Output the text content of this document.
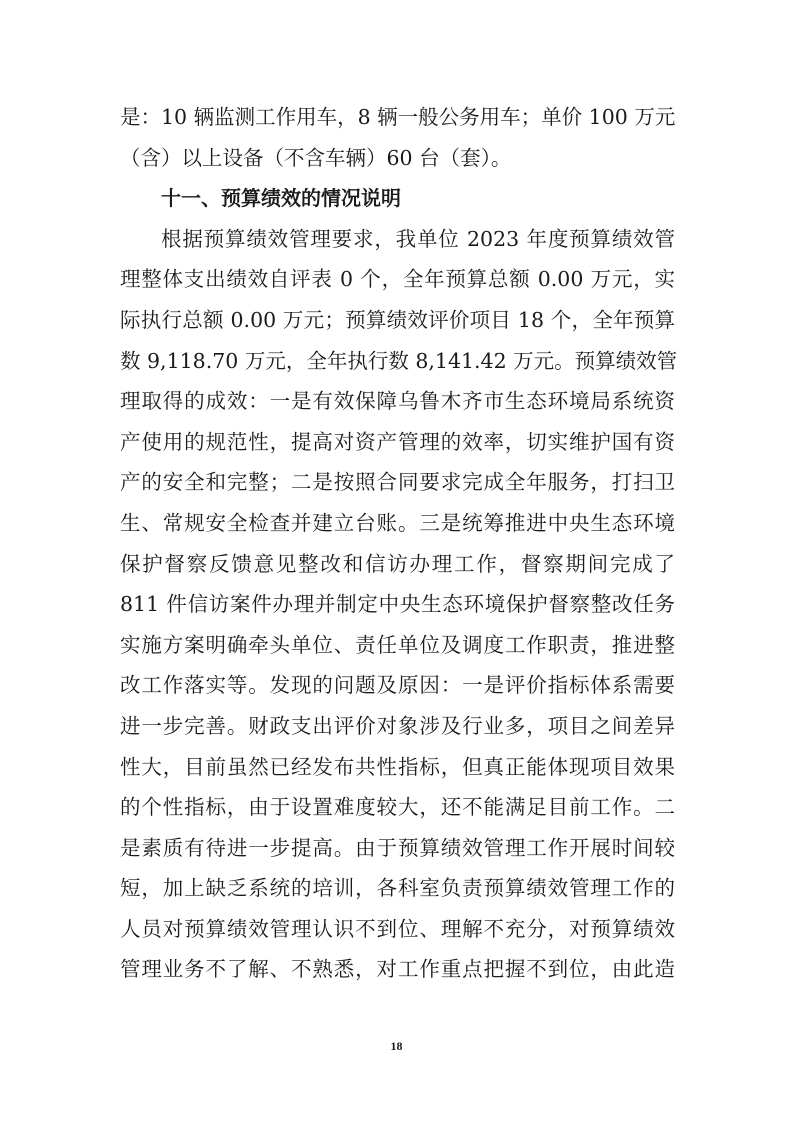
是：10 辆监测工作用车，8 辆一般公务用车；单价 100 万元
（含）以上设备（不含车辆）60 台（套）。
十一、预算绩效的情况说明
根据预算绩效管理要求，我单位 2023 年度预算绩效管
理整体支出绩效自评表 0 个，全年预算总额 0.00 万元，实
际执行总额 0.00 万元；预算绩效评价项目 18 个，全年预算
数 9,118.70 万元，全年执行数 8,141.42 万元。预算绩效管
理取得的成效：一是有效保障乌鲁木齐市生态环境局系统资
产使用的规范性，提高对资产管理的效率，切实维护国有资
产的安全和完整；二是按照合同要求完成全年服务，打扫卫
生、常规安全检查并建立台账。三是统筹推进中央生态环境
保护督察反馈意见整改和信访办理工作，督察期间完成了
811 件信访案件办理并制定中央生态环境保护督察整改任务
实施方案明确牵头单位、责任单位及调度工作职责，推进整
改工作落实等。发现的问题及原因：一是评价指标体系需要
进一步完善。财政支出评价对象涉及行业多，项目之间差异
性大，目前虽然已经发布共性指标，但真正能体现项目效果
的个性指标，由于设置难度较大，还不能满足目前工作。二
是素质有待进一步提高。由于预算绩效管理工作开展时间较
短，加上缺乏系统的培训，各科室负责预算绩效管理工作的
人员对预算绩效管理认识不到位、理解不充分，对预算绩效
管理业务不了解、不熟悉，对工作重点把握不到位，由此造
18
